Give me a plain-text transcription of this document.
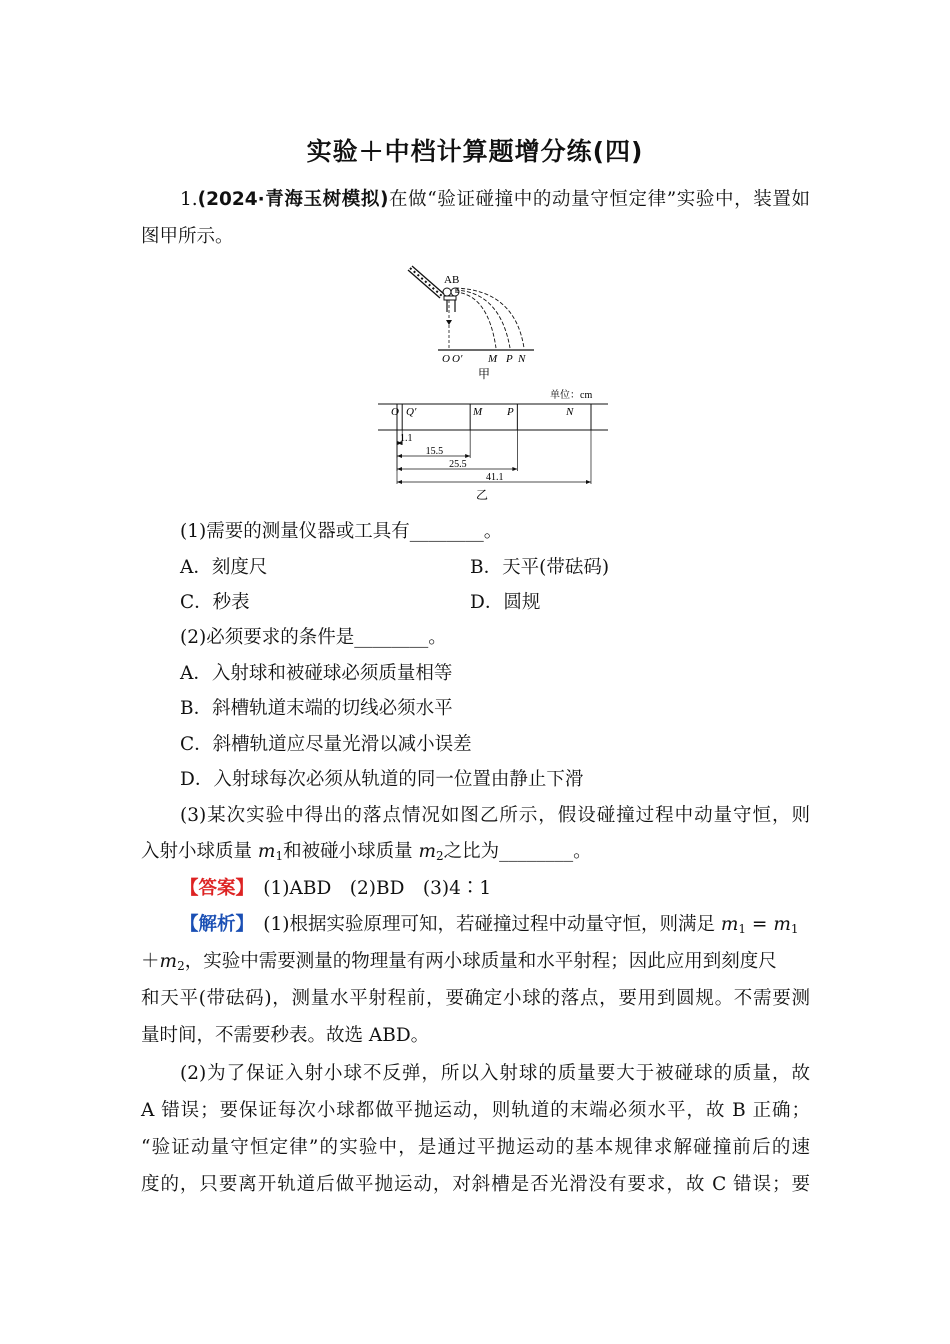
实验＋中档计算题增分练(四)
1.(2024·青海玉树模拟)在做“验证碰撞中的动量守恒定律”实验中，装置如
图甲所示。
AB
O O′ M P N
甲
单位：cm
O Q′	M P	N
1.1
15.5
25.5
41.1
乙
(1)需要的测量仪器或工具有________。
A．刻度尺	B．天平(带砝码)
C．秒表	D．圆规
(2)必须要求的条件是________。
A．入射球和被碰球必须质量相等
B．斜槽轨道末端的切线必须水平
C．斜槽轨道应尽量光滑以减小误差
D．入射球每次必须从轨道的同一位置由静止下滑
(3)某次实验中得出的落点情况如图乙所示，假设碰撞过程中动量守恒，则
入射小球质量 $m_1$和被碰小球质量 $m_2$之比为________。
【答案】　 (1)ABD　(2)BD　(3)4∶1
【解析】　(1)根据实验原理可知，若碰撞过程中动量守恒，则满足 $m_1 = m_1$
$+m_2$，实验中需要测量的物理量有两小球质量和水平射程；因此应用到刻度尺
和天平(带砝码)，测量水平射程前，要确定小球的落点，要用到圆规。不需要测
量时间，不需要秒表。故选 ABD。
(2)为了保证入射小球不反弹，所以入射球的质量要大于被碰球的质量，故
A 错误；要保证每次小球都做平抛运动，则轨道的末端必须水平，故 B 正确；
“验证动量守恒定律”的实验中，是通过平抛运动的基本规律求解碰撞前后的速
度的，只要离开轨道后做平抛运动，对斜槽是否光滑没有要求，故 C 错误；要
